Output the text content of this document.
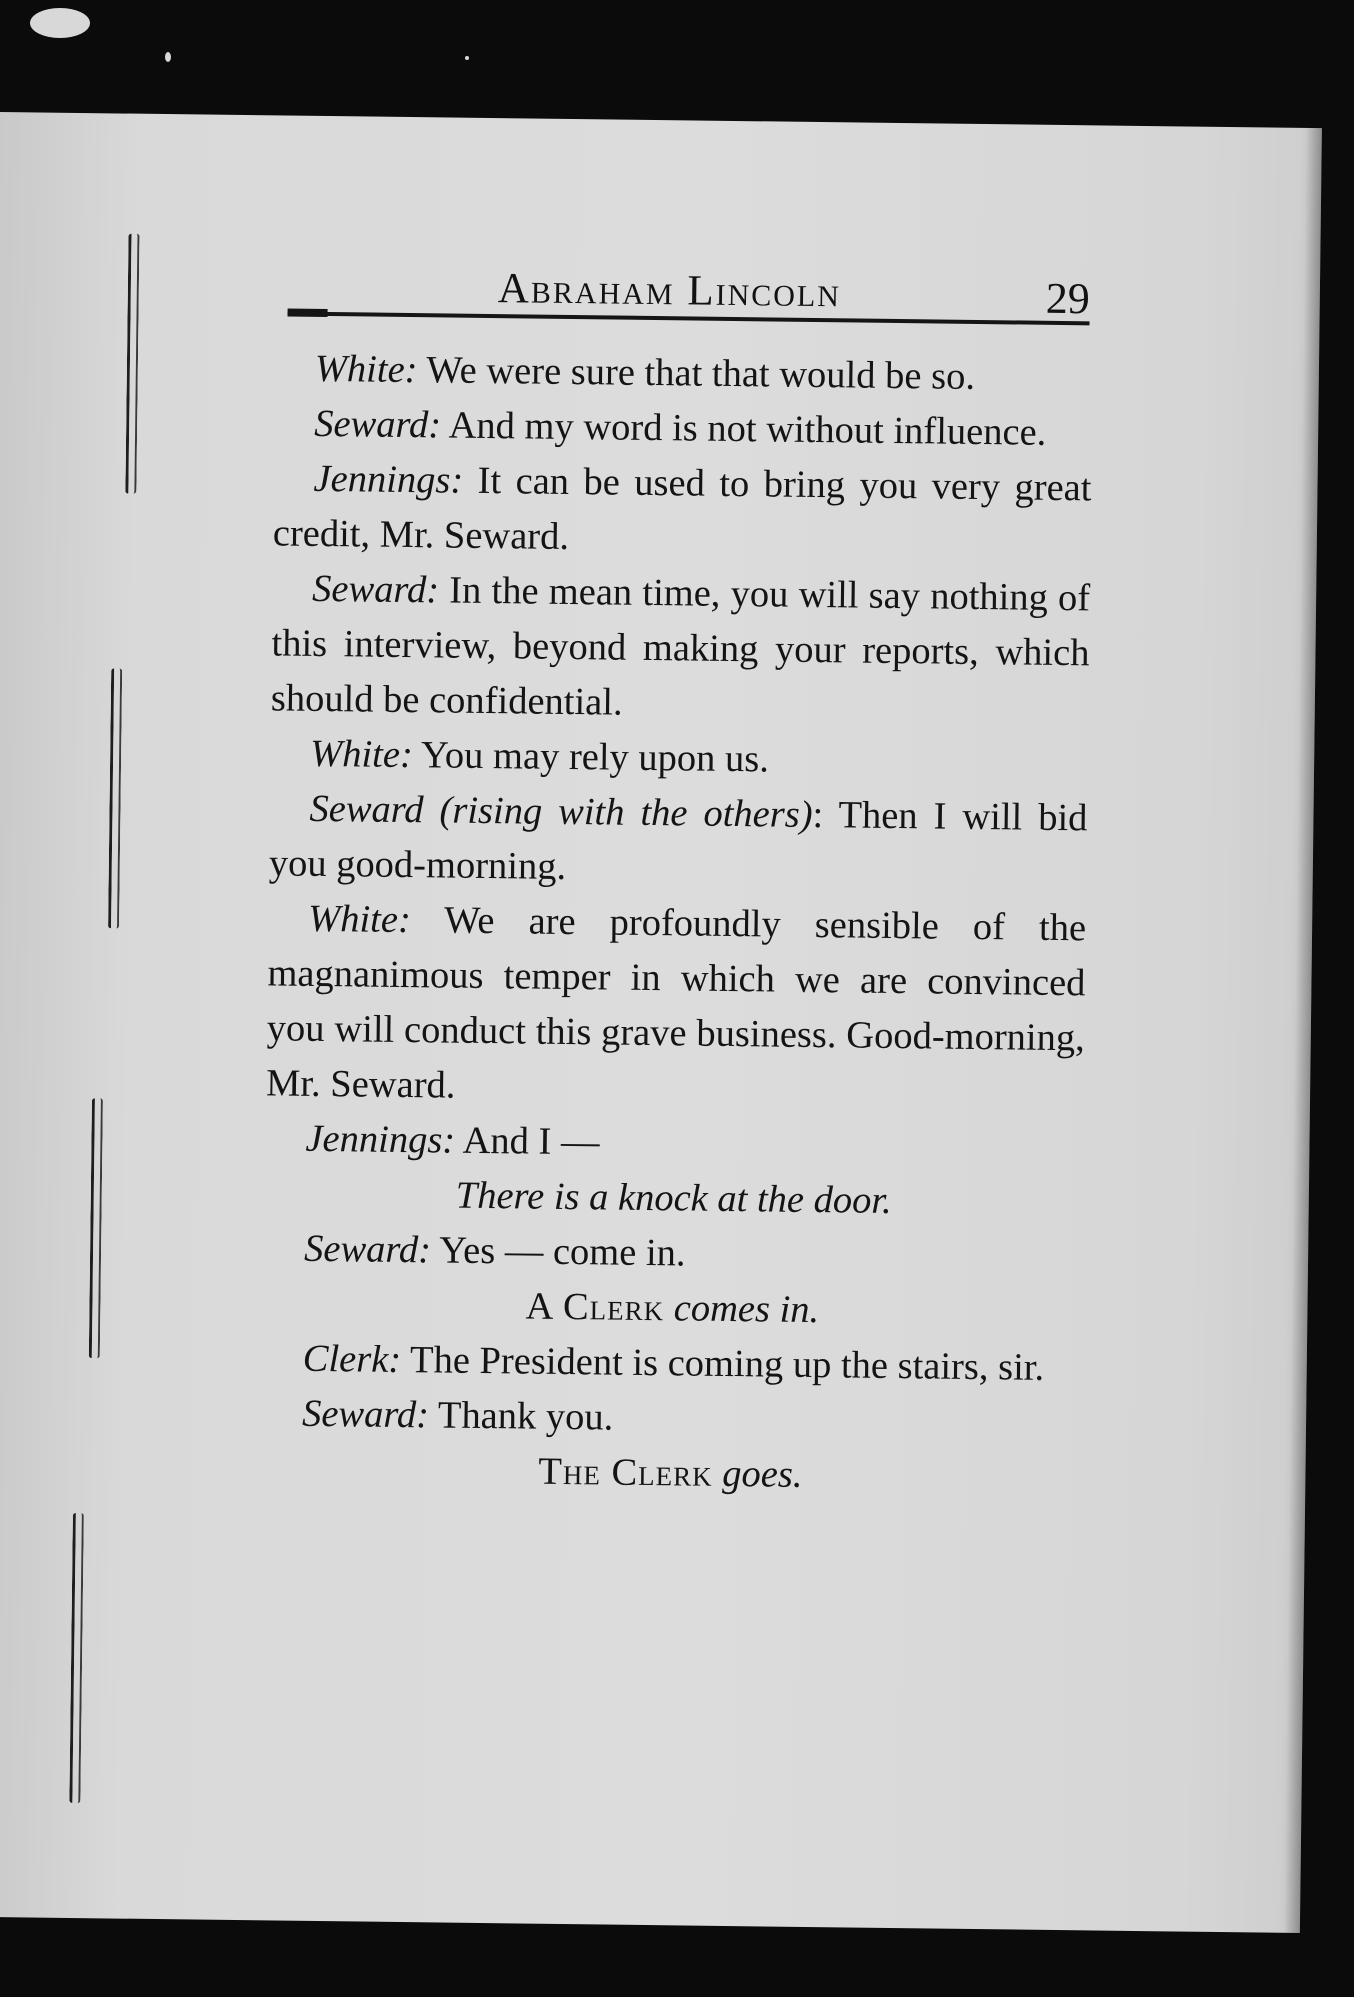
Abraham Lincoln	29

White: We were sure that that would be so.

Seward: And my word is not without influence.

Jennings: It can be used to bring you very great credit, Mr. Seward.

Seward: In the mean time, you will say nothing of this interview, beyond making your reports, which should be confidential.

White: You may rely upon us.

Seward (rising with the others): Then I will bid you good-morning.

White: We are profoundly sensible of the magnanimous temper in which we are convinced you will conduct this grave business. Good-morning, Mr. Seward.

Jennings: And I —

There is a knock at the door.

Seward: Yes — come in.

A Clerk comes in.

Clerk: The President is coming up the stairs, sir.

Seward: Thank you.

The Clerk goes.
